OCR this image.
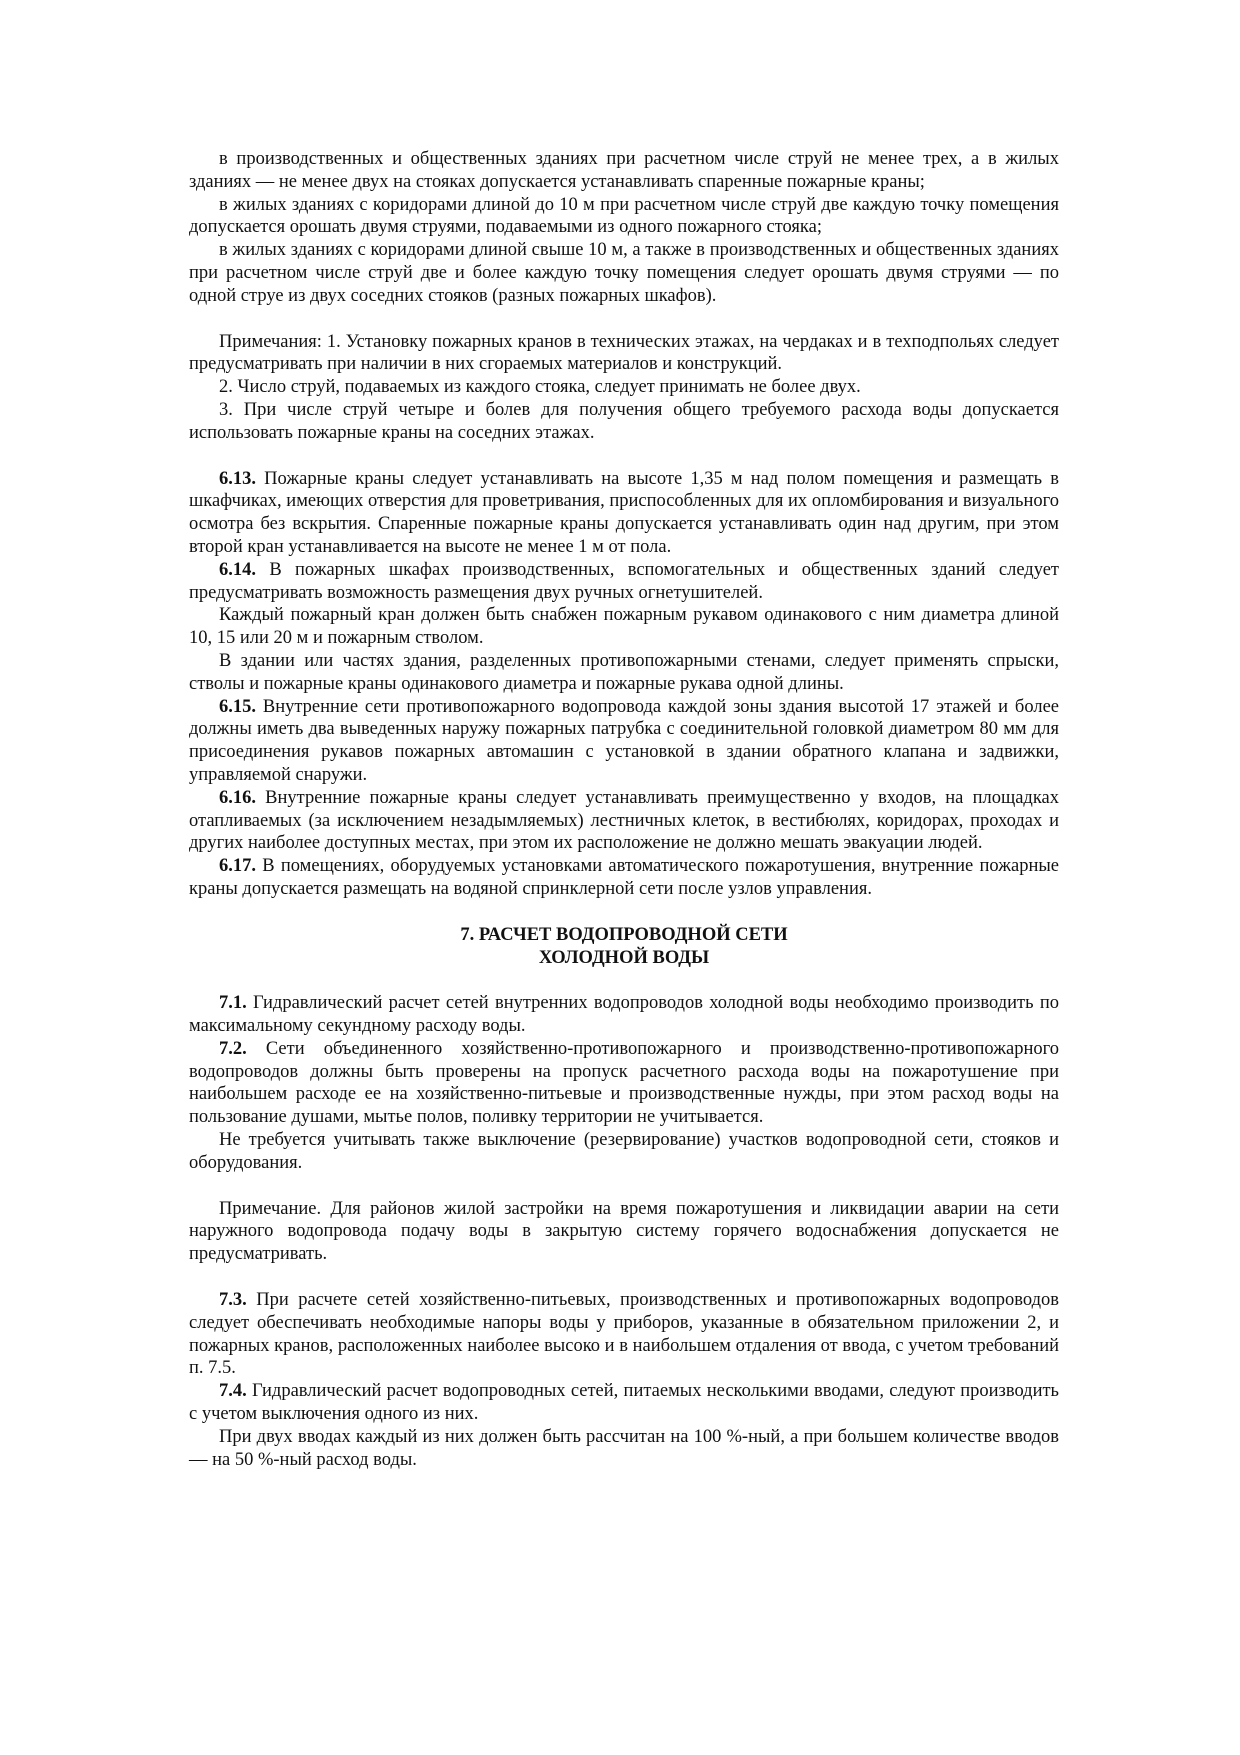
в производственных и общественных зданиях при расчетном числе струй не менее трех, а в жилых зданиях — не менее двух на стояках допускается устанавливать спаренные пожарные краны;

в жилых зданиях с коридорами длиной до 10 м при расчетном числе струй две каждую точку помещения допускается орошать двумя струями, подаваемыми из одного пожарного стояка;

в жилых зданиях с коридорами длиной свыше 10 м, а также в производственных и общественных зданиях при расчетном числе струй две и более каждую точку помещения следует орошать двумя струями — по одной струе из двух соседних стояков (разных пожарных шкафов).

Примечания: 1. Установку пожарных кранов в технических этажах, на чердаках и в техподпольях следует предусматривать при наличии в них сгораемых материалов и конструкций.

2. Число струй, подаваемых из каждого стояка, следует принимать не более двух.

3. При числе струй четыре и болев для получения общего требуемого расхода воды допускается использовать пожарные краны на соседних этажах.

6.13. Пожарные краны следует устанавливать на высоте 1,35 м над полом помещения и размещать в шкафчиках, имеющих отверстия для проветривания, приспособленных для их опломбирования и визуального осмотра без вскрытия. Спаренные пожарные краны допускается устанавливать один над другим, при этом второй кран устанавливается на высоте не менее 1 м от пола.

6.14. В пожарных шкафах производственных, вспомогательных и общественных зданий следует предусматривать возможность размещения двух ручных огнетушителей.

Каждый пожарный кран должен быть снабжен пожарным рукавом одинакового с ним диаметра длиной 10, 15 или 20 м и пожарным стволом.

В здании или частях здания, разделенных противопожарными стенами, следует применять спрыски, стволы и пожарные краны одинакового диаметра и пожарные рукава одной длины.

6.15. Внутренние сети противопожарного водопровода каждой зоны здания высотой 17 этажей и более должны иметь два выведенных наружу пожарных патрубка с соединительной головкой диаметром 80 мм для присоединения рукавов пожарных автомашин с установкой в здании обратного клапана и задвижки, управляемой снаружи.

6.16. Внутренние пожарные краны следует устанавливать преимущественно у входов, на площадках отапливаемых (за исключением незадымляемых) лестничных клеток, в вестибюлях, коридорах, проходах и других наиболее доступных местах, при этом их расположение не должно мешать эвакуации людей.

6.17. В помещениях, оборудуемых установками автоматического пожаротушения, внутренние пожарные краны допускается размещать на водяной спринклерной сети после узлов управления.

7. РАСЧЕТ ВОДОПРОВОДНОЙ СЕТИ

ХОЛОДНОЙ ВОДЫ

7.1. Гидравлический расчет сетей внутренних водопроводов холодной воды необходимо производить по максимальному секундному расходу воды.

7.2. Сети объединенного хозяйственно-противопожарного и производственно-противопожарного водопроводов должны быть проверены на пропуск расчетного расхода воды на пожаротушение при наибольшем расходе ее на хозяйственно-питьевые и производственные нужды, при этом расход воды на пользование душами, мытье полов, поливку территории не учитывается.

Не требуется учитывать также выключение (резервирование) участков водопроводной сети, стояков и оборудования.

Примечание. Для районов жилой застройки на время пожаротушения и ликвидации аварии на сети наружного водопровода подачу воды в закрытую систему горячего водоснабжения допускается не предусматривать.

7.3. При расчете сетей хозяйственно-питьевых, производственных и противопожарных водопроводов следует обеспечивать необходимые напоры воды у приборов, указанные в обязательном приложении 2, и пожарных кранов, расположенных наиболее высоко и в наибольшем отдаления от ввода, с учетом требований п. 7.5.

7.4. Гидравлический расчет водопроводных сетей, питаемых несколькими вводами, следуют производить с учетом выключения одного из них.

При двух вводах каждый из них должен быть рассчитан на 100 %-ный, а при большем количестве вводов — на 50 %-ный расход воды.
